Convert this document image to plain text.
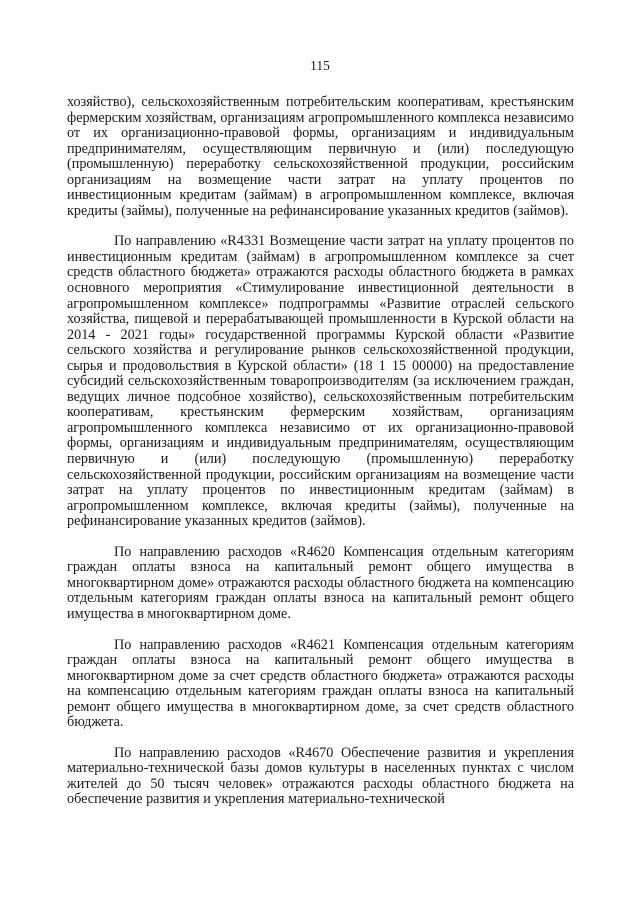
115

хозяйство), сельскохозяйственным потребительским кооперативам, крестьянским фермерским хозяйствам, организациям агропромышленного комплекса независимо от их организационно-правовой формы, организациям и индивидуальным предпринимателям, осуществляющим первичную и (или) последующую (промышленную) переработку сельскохозяйственной продукции, российским организациям на возмещение части затрат на уплату процентов по инвестиционным кредитам (займам) в агропромышленном комплексе, включая кредиты (займы), полученные на рефинансирование указанных кредитов (займов).

По направлению «R4331 Возмещение части затрат на уплату процентов по инвестиционным кредитам (займам) в агропромышленном комплексе за счет средств областного бюджета» отражаются расходы областного бюджета в рамках основного мероприятия «Стимулирование инвестиционной деятельности в агропромышленном комплексе» подпрограммы «Развитие отраслей сельского хозяйства, пищевой и перерабатывающей промышленности в Курской области на 2014 - 2021 годы» государственной программы Курской области «Развитие сельского хозяйства и регулирование рынков сельскохозяйственной продукции, сырья и продовольствия в Курской области» (18 1 15 00000) на предоставление субсидий сельскохозяйственным товаропроизводителям (за исключением граждан, ведущих личное подсобное хозяйство), сельскохозяйственным потребительским кооперативам, крестьянским фермерским хозяйствам, организациям агропромышленного комплекса независимо от их организационно-правовой формы, организациям и индивидуальным предпринимателям, осуществляющим первичную и (или) последующую (промышленную) переработку сельскохозяйственной продукции, российским организациям на возмещение части затрат на уплату процентов по инвестиционным кредитам (займам) в агропромышленном комплексе, включая кредиты (займы), полученные на рефинансирование указанных кредитов (займов).

По направлению расходов «R4620 Компенсация отдельным категориям граждан оплаты взноса на капитальный ремонт общего имущества в многоквартирном доме» отражаются расходы областного бюджета на компенсацию отдельным категориям граждан оплаты взноса на капитальный ремонт общего имущества в многоквартирном доме.

По направлению расходов «R4621 Компенсация отдельным категориям граждан оплаты взноса на капитальный ремонт общего имущества в многоквартирном доме за счет средств областного бюджета» отражаются расходы на компенсацию отдельным категориям граждан оплаты взноса на капитальный ремонт общего имущества в многоквартирном доме, за счет средств областного бюджета.

По направлению расходов «R4670 Обеспечение развития и укрепления материально-технической базы домов культуры в населенных пунктах с числом жителей до 50 тысяч человек» отражаются расходы областного бюджета на обеспечение развития и укрепления материально-технической
